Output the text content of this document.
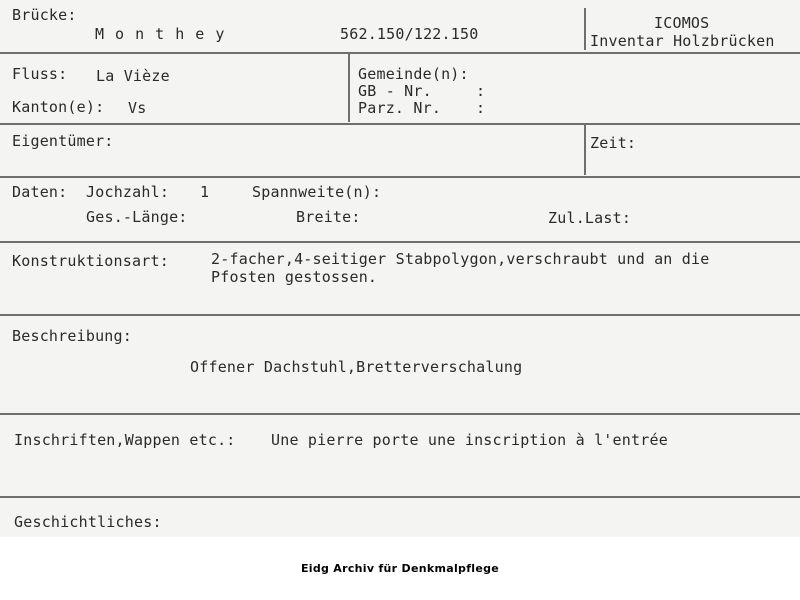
Brücke:
M o n t h e y	562.150/122.150
ICOMOS
Inventar Holzbrücken
Fluss: La Vièze
Kanton(e): Vs
Gemeinde(n):
GB - Nr.	:
Parz. Nr. :
Eigentümer:	Zeit:
Daten: Jochzahl: 1	Spannweite(n):
Ges.-Länge:	Breite:	Zul.Last:
Konstruktionsart:	2-facher,4-seitiger Stabpolygon,verschraubt und an die
Pfosten gestossen.
Beschreibung:
Offener Dachstuhl,Bretterverschalung
Inschriften,Wappen etc.: Une pierre porte une inscription à l'entrée
Geschichtliches:
Eidg Archiv für Denkmalpflege
